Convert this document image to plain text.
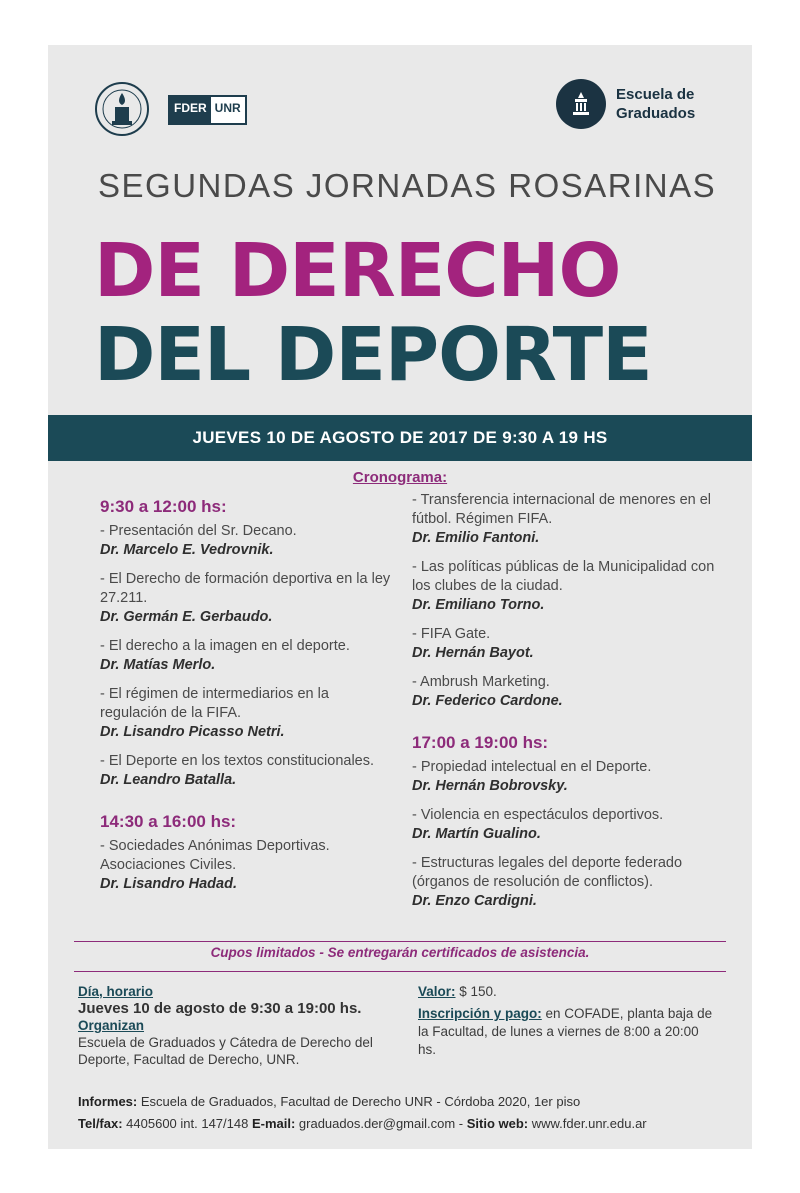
FDER UNR
Escuela de
Graduados
SEGUNDAS JORNADAS ROSARINAS
DE DERECHO
DEL DEPORTE
JUEVES 10 DE AGOSTO DE 2017 DE 9:30 A 19 HS
Cronograma:
9:30 a 12:00 hs:
- Presentación del Sr. Decano.
Dr. Marcelo E. Vedrovnik.
- El Derecho de formación deportiva en la ley 27.211.
Dr. Germán E. Gerbaudo.
- El derecho a la imagen en el deporte.
Dr. Matías Merlo.
- El régimen de intermediarios en la regulación de la FIFA.
Dr. Lisandro Picasso Netri.
- El Deporte en los textos constitucionales.
Dr. Leandro Batalla.
14:30 a 16:00 hs:
- Sociedades Anónimas Deportivas. Asociaciones Civiles.
Dr. Lisandro Hadad.
- Transferencia internacional de menores en el fútbol. Régimen FIFA.
Dr. Emilio Fantoni.
- Las políticas públicas de la Municipalidad con los clubes de la ciudad.
Dr. Emiliano Torno.
- FIFA Gate.
Dr. Hernán Bayot.
- Ambrush Marketing.
Dr. Federico Cardone.
17:00 a 19:00 hs:
- Propiedad intelectual en el Deporte.
Dr. Hernán Bobrovsky.
- Violencia en espectáculos deportivos.
Dr. Martín Gualino.
- Estructuras legales del deporte federado (órganos de resolución de conflictos).
Dr. Enzo Cardigni.
Cupos limitados - Se entregarán certificados de asistencia.
Día, horario
Jueves 10 de agosto de 9:30 a 19:00 hs.
Organizan
Escuela de Graduados y Cátedra de Derecho del Deporte, Facultad de Derecho, UNR.
Valor: $ 150.
Inscripción y pago: en COFADE, planta baja de la Facultad, de lunes a viernes de 8:00 a 20:00 hs.
Informes: Escuela de Graduados, Facultad de Derecho UNR - Córdoba 2020, 1er piso
Tel/fax: 4405600 int. 147/148 E-mail: graduados.der@gmail.com - Sitio web: www.fder.unr.edu.ar
